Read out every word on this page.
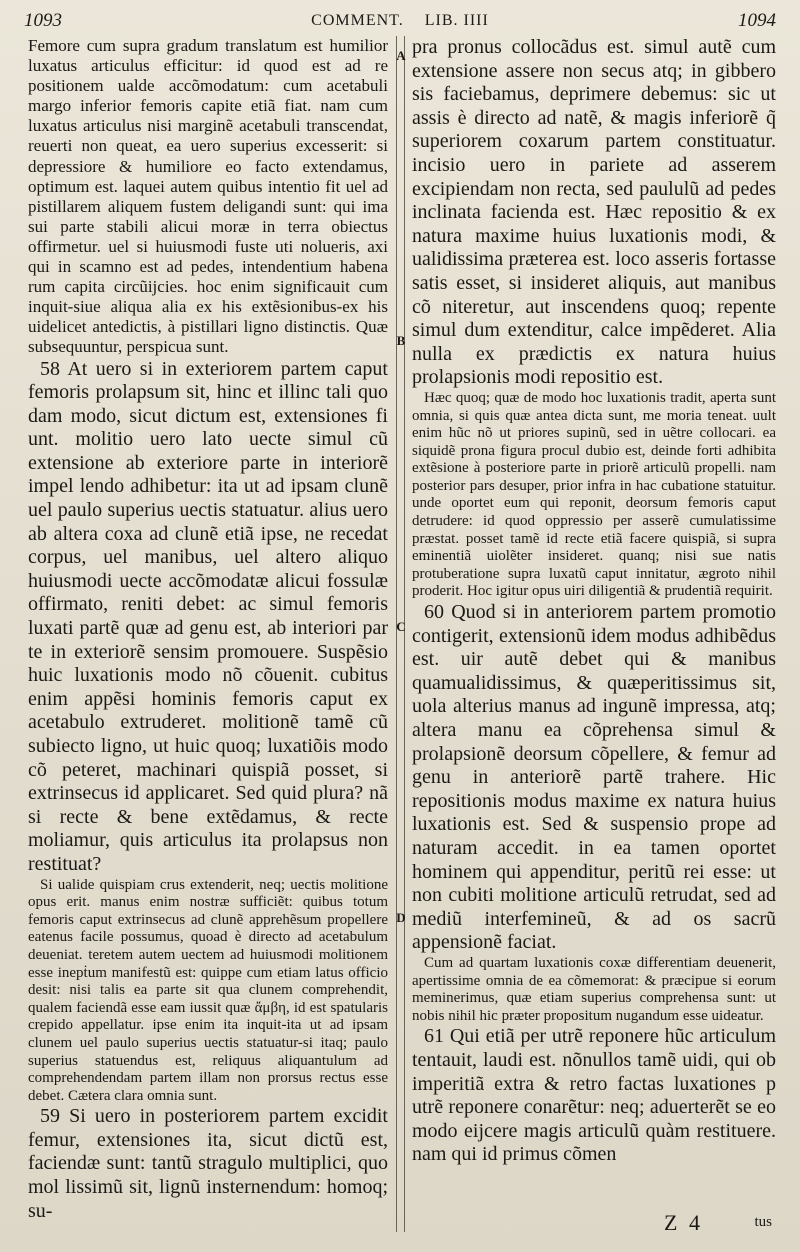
1093	COMMENT. LIB. IIII	1094
A
B
C
D

Femore cum supra gradum translatum est humilior luxatus articulus efficitur: id quod est ad re positionem ualde accõmodatum: cum acetabuli margo inferior femoris capite etiã fiat. nam cum luxatus articulus nisi marginẽ acetabuli transcendat, reuerti non queat, ea uero superius excesserit: si depressiore & humiliore eo facto extendamus, optimum est. laquei autem quibus intentio fit uel ad pistillarem aliquem fustem deligandi sunt: qui ima sui parte stabili alicui moræ in terra obiectus offirmetur. uel si huiusmodi fuste uti nolueris, axi qui in scamno est ad pedes, intendentium habena rum capita circũijcies. hoc enim significauit cum inquit-siue aliqua alia ex his extẽsionibus-ex his uidelicet antedictis, à pistillari ligno distinctis. Quæ subsequuntur, perspicua sunt.

58 At uero si in exteriorem partem caput femoris prolapsum sit, hinc et illinc tali quo dam modo, sicut dictum est, extensiones fi unt. molitio uero lato uecte simul cũ extensione ab exteriore parte in interiorẽ impel lendo adhibetur: ita ut ad ipsam clunẽ uel paulo superius uectis statuatur. alius uero ab altera coxa ad clunẽ etiã ipse, ne recedat corpus, uel manibus, uel altero aliquo huiusmodi uecte accõmodatæ alicui fossulæ offirmato, reniti debet: ac simul femoris luxati partẽ quæ ad genu est, ab interiori par te in exteriorẽ sensim promouere. Suspẽsio huic luxationis modo nõ cõuenit. cubitus enim appẽsi hominis femoris caput ex acetabulo extruderet. molitionẽ tamẽ cũ subiecto ligno, ut huic quoq; luxatiõis modo cõ peteret, machinari quispiã posset, si extrinsecus id applicaret. Sed quid plura? nã si recte & bene extẽdamus, & recte moliamur, quis articulus ita prolapsus non restituat?

Si ualide quispiam crus extenderit, neq; uectis molitione opus erit. manus enim nostræ sufficiẽt: quibus totum femoris caput extrinsecus ad clunẽ apprehẽsum propellere eatenus facile possumus, quoad è directo ad acetabulum deueniat. teretem autem uectem ad huiusmodi molitionem esse inepṫum manifestũ est: quippe cum etiam latus officio desit: nisi talis ea parte sit qua clunem comprehendit, qualem faciendã esse eam iussit quæ ἄμβη, id est spatularis crepido appellatur. ipse enim ita inquit-ita ut ad ipsam clunem uel paulo superius uectis statuatur-si itaq; paulo superius statuendus est, reliquus aliquantulum ad comprehendendam partem illam non prorsus rectus esse debet. Cætera clara omnia sunt.

59 Si uero in posteriorem partem excidit femur, extensiones ita, sicut dictũ est, faciendæ sunt: tantũ stragulo multiplici, quo mol lissimũ sit, lignũ insternendum: homoq; su-

pra pronus collocãdus est. simul autẽ cum extensione assere non secus atq; in gibbero sis faciebamus, deprimere debemus: sic ut assis è directo ad natẽ, & magis inferiorẽ q̃ superiorem coxarum partem constituatur. incisio uero in pariete ad asserem excipiendam non recta, sed paululũ ad pedes inclinata facienda est. Hæc repositio & ex natura maxime huius luxationis modi, & ualidissima præterea est. loco asseris fortasse satis esset, si insideret aliquis, aut manibus cõ niteretur, aut inscendens quoq; repente simul dum extenditur, calce impẽderet. Alia nulla ex prædictis ex natura huius prolapsionis modi repositio est.

Hæc quoq; quæ de modo hoc luxationis tradit, aperta sunt omnia, si quis quæ antea dicta sunt, me moria teneat. uult enim hũc nõ ut priores supinũ, sed in uẽtre collocari. ea siquidẽ prona figura procul dubio est, deinde forti adhibita extẽsione à posteriore parte in priorẽ articulũ propelli. nam posterior pars desuper, prior infra in hac cubatione statuitur. unde oportet eum qui reponit, deorsum femoris caput detrudere: id quod oppressio per asserẽ cumulatissime præstat. posset tamẽ id recte etiã facere quispiã, si supra eminentiã uiolẽter insideret. quanq; nisi sue natis protuberatione supra luxatũ caput innitatur, ægroto nihil proderit. Hoc igitur opus uiri diligentiã & prudentiã requirit.

60 Quod si in anteriorem partem promotio contigerit, extensionũ idem modus adhibẽdus est. uir autẽ debet qui & manibus quamualidissimus, & quæperitissimus sit, uola alterius manus ad ingunẽ impressa, atq; altera manu ea cõprehensa simul & prolapsionẽ deorsum cõpellere, & femur ad genu in anteriorẽ partẽ trahere. Hic repositionis modus maxime ex natura huius luxationis est. Sed & suspensio prope ad naturam accedit. in ea tamen oportet hominem qui appenditur, peritũ rei esse: ut non cubiti molitione articulũ retrudat, sed ad mediũ interfemineũ, & ad os sacrũ appensionẽ faciat.

Cum ad quartam luxationis coxæ differentiam deuenerit, apertissime omnia de ea cõmemorat: & præcipue si eorum meminerimus, quæ etiam superius comprehensa sunt: ut nobis nihil hic præter propositum nugandum esse uideatur.

61 Qui etiã per utrẽ reponere hũc articulum tentauit, laudi est. nõnullos tamẽ uidi, qui ob imperitiã extra & retro factas luxationes p utrẽ reponere conarẽtur: neq; aduerterẽt se eo modo eijcere magis articulũ quàm restituere. nam qui id primus cõmen

Z 4	tus
